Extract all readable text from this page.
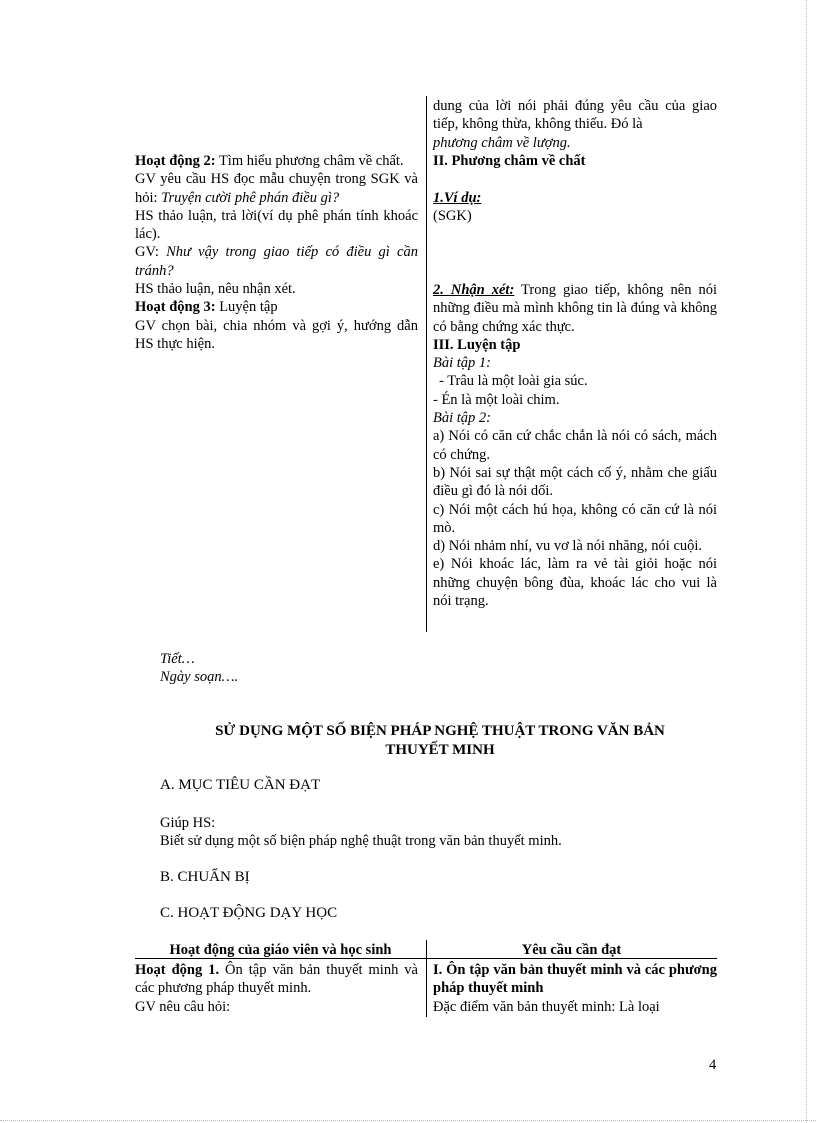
Hoạt động 2: Tìm hiểu phương châm về chất.

GV yêu cầu HS đọc mẫu chuyện trong SGK và hỏi: Truyện cười phê phán điều gì?

HS thảo luận, trả lời(ví dụ phê phán tính khoác lác).

GV: Như vậy trong giao tiếp có điều gì cần tránh?

HS thảo luận, nêu nhận xét.

Hoạt động 3: Luyện tập

GV chọn bài, chia nhóm và gợi ý, hướng dẫn HS thực hiện.

dung của lời nói phải đúng yêu cầu của giao tiếp, không thừa, không thiếu. Đó là

phương châm về lượng.

II. Phương châm về chất

1.Ví dụ:

(SGK)

2. Nhận xét: Trong giao tiếp, không nên nói những điều mà mình không tin là đúng và không có bằng chứng xác thực.

III. Luyện tập

Bài tập 1:

- Trâu là một loài gia súc.

- Én là một loài chim.

Bài tập 2:

a) Nói có căn cứ chắc chắn là nói có sách, mách có chứng.

b) Nói sai sự thật một cách cố ý, nhằm che giấu điều gì đó là nói dối.

c) Nói một cách hú họa, không có căn cứ là nói mò.

d) Nói nhảm nhí, vu vơ là nói nhăng, nói cuội.

e) Nói khoác lác, làm ra vẻ tài giỏi hoặc nói những chuyện bông đùa, khoác lác cho vui là nói trạng.

Tiết…
Ngày soạn….
SỬ DỤNG MỘT SỐ BIỆN PHÁP NGHỆ THUẬT TRONG VĂN BẢN
THUYẾT MINH
A. MỤC TIÊU CẦN ĐẠT
Giúp HS:
Biết sử dụng một số biện pháp nghệ thuật trong văn bản thuyết minh.
B. CHUẨN BỊ
C. HOẠT ĐỘNG DẠY HỌC
Hoạt động của giáo viên và học sinh	Yêu cầu cần đạt

Hoạt động 1. Ôn tập văn bản thuyết minh và các phương pháp thuyết minh.

GV nêu câu hỏi:

I. Ôn tập văn bản thuyết minh và các phương pháp thuyết minh

Đặc điểm văn bản thuyết minh: Là loại

4
